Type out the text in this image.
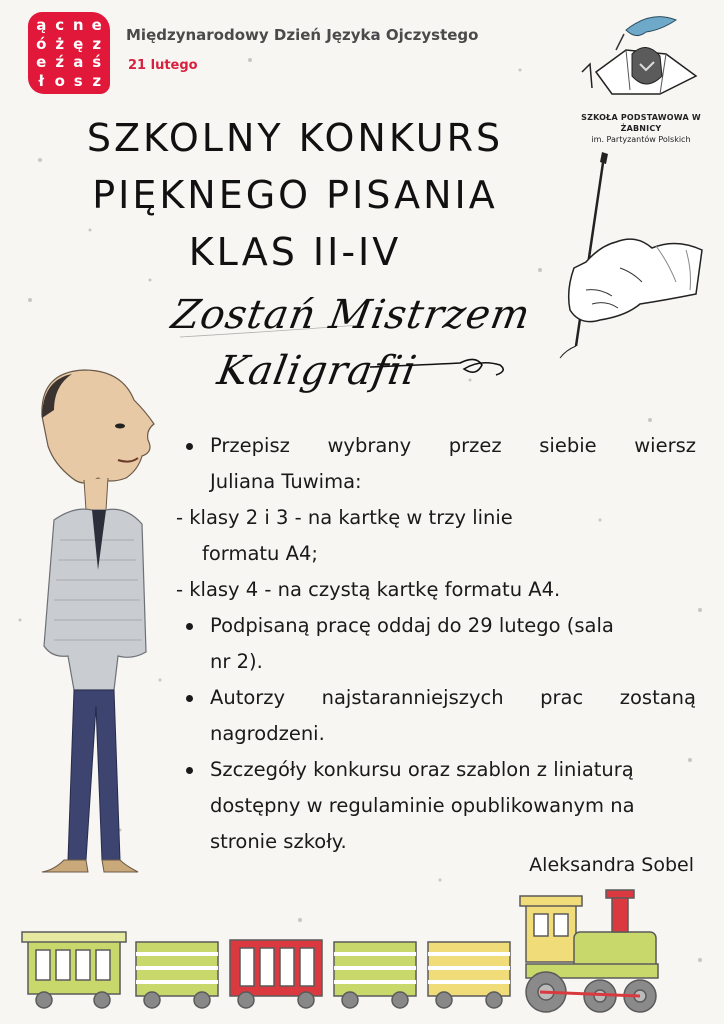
ą c n e
ó ż ę z
e ź a ś
ł o s z
Międzynarodowy Dzień Języka Ojczystego
21 lutego
SZKOŁA PODSTAWOWA W ŻABNICY
im. Partyzantów Polskich
SZKOLNY KONKURS
PIĘKNEGO PISANIA
KLAS II-IV
Zostań Mistrzem
Kaligrafii
Przepisz wybrany przez siebie wiersz
Juliana Tuwima:
- klasy 2 i 3 - na kartkę w trzy linie
formatu A4;
- klasy 4 - na czystą kartkę formatu A4.
Podpisaną pracę oddaj do 29 lutego (sala
nr 2).
Autorzy najstaranniejszych prac zostaną
nagrodzeni.
Szczegóły konkursu oraz szablon z liniaturą
dostępny w regulaminie opublikowanym na
stronie szkoły.
Aleksandra Sobel
